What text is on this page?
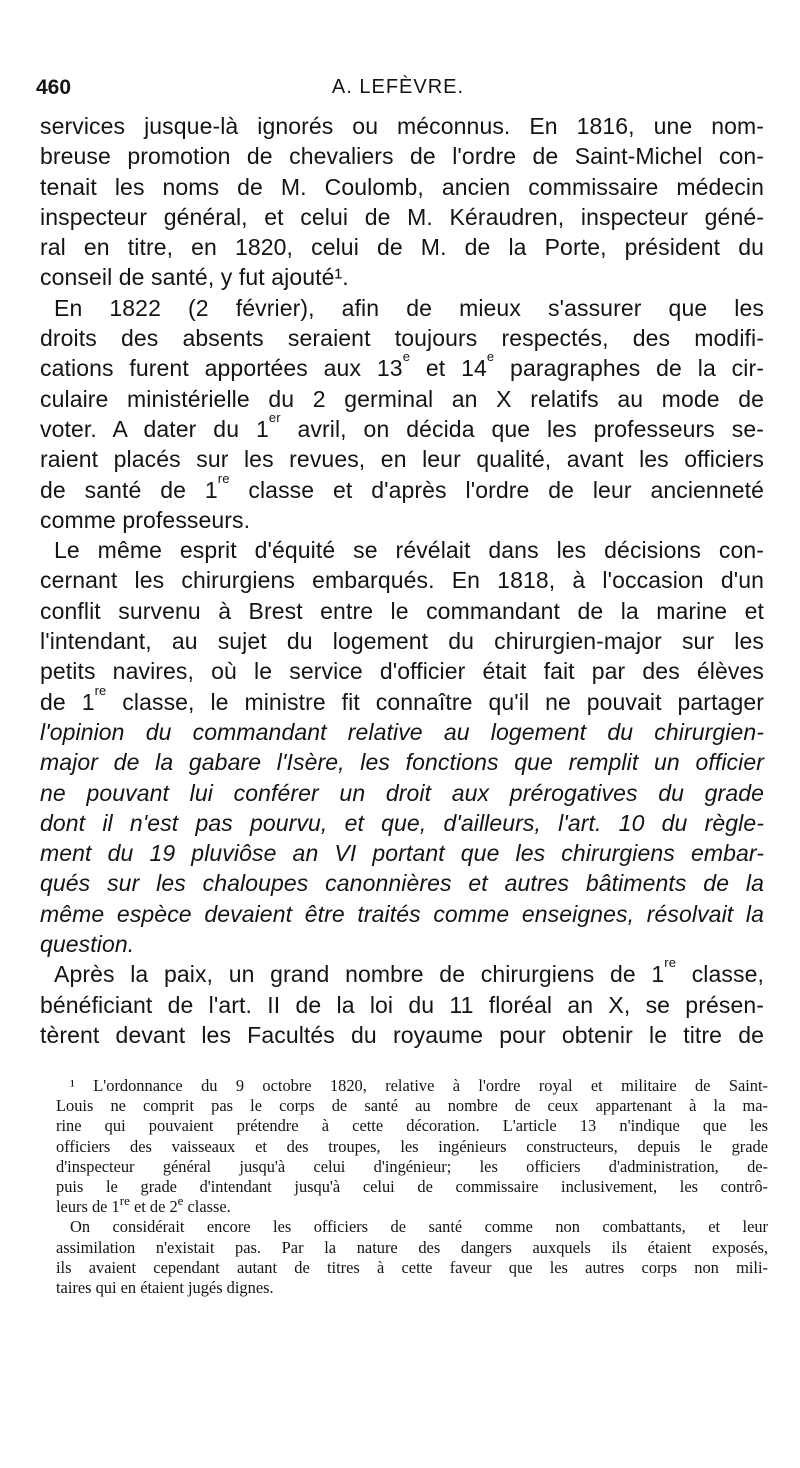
460	A. LEFÈVRE.
services jusque-là ignorés ou méconnus. En 1816, une nom-
breuse promotion de chevaliers de l'ordre de Saint-Michel con-
tenait les noms de M. Coulomb, ancien commissaire médecin
inspecteur général, et celui de M. Kéraudren, inspecteur géné-
ral en titre, en 1820, celui de M. de la Porte, président du
conseil de santé, y fut ajouté¹.
En 1822 (2 février), afin de mieux s'assurer que les
droits des absents seraient toujours respectés, des modifi-
cations furent apportées aux 13e et 14e paragraphes de la cir-
culaire ministérielle du 2 germinal an X relatifs au mode de
voter. A dater du 1er avril, on décida que les professeurs se-
raient placés sur les revues, en leur qualité, avant les officiers
de santé de 1re classe et d'après l'ordre de leur ancienneté
comme professeurs.
Le même esprit d'équité se révélait dans les décisions con-
cernant les chirurgiens embarqués. En 1818, à l'occasion d'un
conflit survenu à Brest entre le commandant de la marine et
l'intendant, au sujet du logement du chirurgien-major sur les
petits navires, où le service d'officier était fait par des élèves
de 1re classe, le ministre fit connaître qu'il ne pouvait partager
l'opinion du commandant relative au logement du chirurgien-
major de la gabare l'Isère, les fonctions que remplit un officier
ne pouvant lui conférer un droit aux prérogatives du grade
dont il n'est pas pourvu, et que, d'ailleurs, l'art. 10 du règle-
ment du 19 pluviôse an VI portant que les chirurgiens embar-
qués sur les chaloupes canonnières et autres bâtiments de la
même espèce devaient être traités comme enseignes, résolvait la
question.
Après la paix, un grand nombre de chirurgiens de 1re classe,
bénéficiant de l'art. II de la loi du 11 floréal an X, se présen-
tèrent devant les Facultés du royaume pour obtenir le titre de
¹ L'ordonnance du 9 octobre 1820, relative à l'ordre royal et militaire de Saint-
Louis ne comprit pas le corps de santé au nombre de ceux appartenant à la ma-
rine qui pouvaient prétendre à cette décoration. L'article 13 n'indique que les
officiers des vaisseaux et des troupes, les ingénieurs constructeurs, depuis le grade
d'inspecteur général jusqu'à celui d'ingénieur; les officiers d'administration, de-
puis le grade d'intendant jusqu'à celui de commissaire inclusivement, les contrô-
leurs de 1re et de 2e classe.
On considérait encore les officiers de santé comme non combattants, et leur
assimilation n'existait pas. Par la nature des dangers auxquels ils étaient exposés,
ils avaient cependant autant de titres à cette faveur que les autres corps non mili-
taires qui en étaient jugés dignes.
